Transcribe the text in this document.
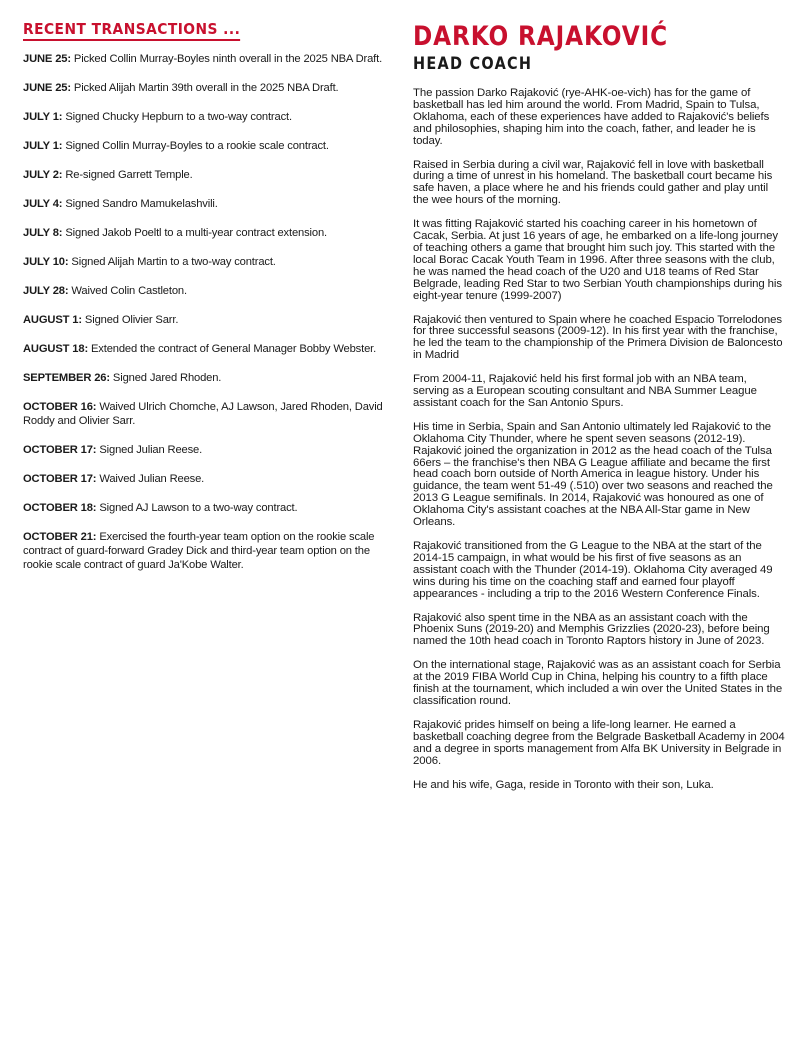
RECENT TRANSACTIONS ...

JUNE 25: Picked Collin Murray-Boyles ninth overall in the 2025 NBA Draft.

JUNE 25: Picked Alijah Martin 39th overall in the 2025 NBA Draft.

JULY 1: Signed Chucky Hepburn to a two-way contract.

JULY 1: Signed Collin Murray-Boyles to a rookie scale contract.

JULY 2: Re-signed Garrett Temple.

JULY 4: Signed Sandro Mamukelashvili.

JULY 8: Signed Jakob Poeltl to a multi-year contract extension.

JULY 10: Signed Alijah Martin to a two-way contract.

JULY 28: Waived Colin Castleton.

AUGUST 1: Signed Olivier Sarr.

AUGUST 18: Extended the contract of General Manager Bobby Webster.

SEPTEMBER 26: Signed Jared Rhoden.

OCTOBER 16: Waived Ulrich Chomche, AJ Lawson, Jared Rhoden, David Roddy and Olivier Sarr.

OCTOBER 17: Signed Julian Reese.

OCTOBER 17: Waived Julian Reese.

OCTOBER 18: Signed AJ Lawson to a two-way contract.

OCTOBER 21: Exercised the fourth-year team option on the rookie scale contract of guard-forward Gradey Dick and third-year team option on the rookie scale contract of guard Ja'Kobe Walter.

DARKO RAJAKOVIĆ
HEAD COACH

The passion Darko Rajaković (rye-AHK-oe-vich) has for the game of basketball has led him around the world. From Madrid, Spain to Tulsa, Oklahoma, each of these experiences have added to Rajaković's beliefs and philosophies, shaping him into the coach, father, and leader he is today.

Raised in Serbia during a civil war, Rajaković fell in love with basketball during a time of unrest in his homeland. The basketball court became his safe haven, a place where he and his friends could gather and play until the wee hours of the morning.

It was fitting Rajaković started his coaching career in his hometown of Cacak, Serbia. At just 16 years of age, he embarked on a life-long journey of teaching others a game that brought him such joy. This started with the local Borac Cacak Youth Team in 1996. After three seasons with the club, he was named the head coach of the U20 and U18 teams of Red Star Belgrade, leading Red Star to two Serbian Youth championships during his eight-year tenure (1999-2007)

Rajaković then ventured to Spain where he coached Espacio Torrelodones for three successful seasons (2009-12). In his first year with the franchise, he led the team to the championship of the Primera Division de Baloncesto in Madrid

From 2004-11, Rajaković held his first formal job with an NBA team, serving as a European scouting consultant and NBA Summer League assistant coach for the San Antonio Spurs.

His time in Serbia, Spain and San Antonio ultimately led Rajaković to the Oklahoma City Thunder, where he spent seven seasons (2012-19). Rajaković joined the organization in 2012 as the head coach of the Tulsa 66ers – the franchise's then NBA G League affiliate and became the first head coach born outside of North America in league history. Under his guidance, the team went 51-49 (.510) over two seasons and reached the 2013 G League semifinals. In 2014, Rajaković was honoured as one of Oklahoma City's assistant coaches at the NBA All-Star game in New Orleans.

Rajaković transitioned from the G League to the NBA at the start of the 2014-15 campaign, in what would be his first of five seasons as an assistant coach with the Thunder (2014-19). Oklahoma City averaged 49 wins during his time on the coaching staff and earned four playoff appearances - including a trip to the 2016 Western Conference Finals.

Rajaković also spent time in the NBA as an assistant coach with the Phoenix Suns (2019-20) and Memphis Grizzlies (2020-23), before being named the 10th head coach in Toronto Raptors history in June of 2023.

On the international stage, Rajaković was as an assistant coach for Serbia at the 2019 FIBA World Cup in China, helping his country to a fifth place finish at the tournament, which included a win over the United States in the classification round.

Rajaković prides himself on being a life-long learner. He earned a basketball coaching degree from the Belgrade Basketball Academy in 2004 and a degree in sports management from Alfa BK University in Belgrade in 2006.

He and his wife, Gaga, reside in Toronto with their son, Luka.
